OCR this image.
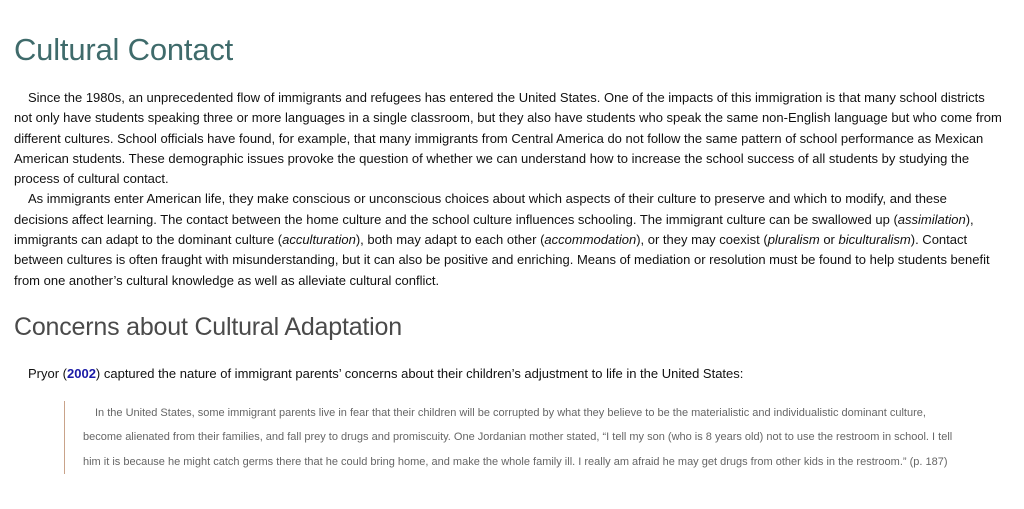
Cultural Contact

Since the 1980s, an unprecedented flow of immigrants and refugees has entered the United States. One of the impacts of this immigration is that many school districts not only have students speaking three or more languages in a single classroom, but they also have students who speak the same non-English language but who come from different cultures. School officials have found, for example, that many immigrants from Central America do not follow the same pattern of school performance as Mexican American students. These demographic issues provoke the question of whether we can understand how to increase the school success of all students by studying the process of cultural contact.

As immigrants enter American life, they make conscious or unconscious choices about which aspects of their culture to preserve and which to modify, and these decisions affect learning. The contact between the home culture and the school culture influences schooling. The immigrant culture can be swallowed up (assimilation), immigrants can adapt to the dominant culture (acculturation), both may adapt to each other (accommodation), or they may coexist (pluralism or biculturalism). Contact between cultures is often fraught with misunderstanding, but it can also be positive and enriching. Means of mediation or resolution must be found to help students benefit from one another’s cultural knowledge as well as alleviate cultural conflict.

Concerns about Cultural Adaptation

Pryor (2002) captured the nature of immigrant parents’ concerns about their children’s adjustment to life in the United States:

In the United States, some immigrant parents live in fear that their children will be corrupted by what they believe to be the materialistic and individualistic dominant culture, become alienated from their families, and fall prey to drugs and promiscuity. One Jordanian mother stated, “I tell my son (who is 8 years old) not to use the restroom in school. I tell him it is because he might catch germs there that he could bring home, and make the whole family ill. I really am afraid he may get drugs from other kids in the restroom.” (p. 187)
